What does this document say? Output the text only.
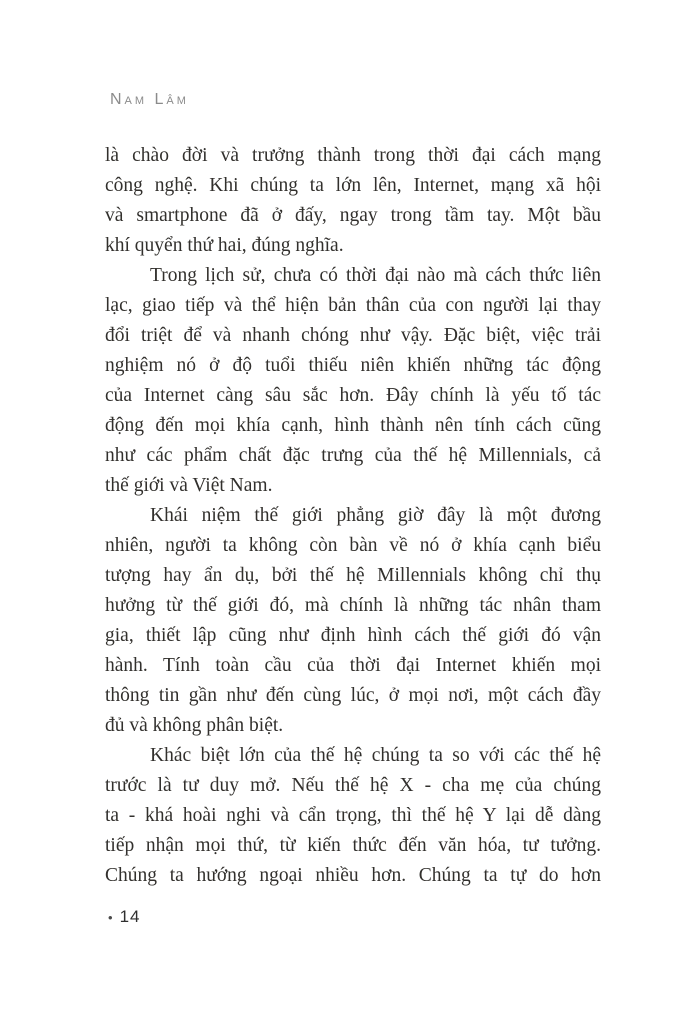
Nam Lâm
là chào đời và trưởng thành trong thời đại cách mạng
công nghệ. Khi chúng ta lớn lên, Internet, mạng xã hội
và smartphone đã ở đấy, ngay trong tầm tay. Một bầu
khí quyển thứ hai, đúng nghĩa.
Trong lịch sử, chưa có thời đại nào mà cách thức liên
lạc, giao tiếp và thể hiện bản thân của con người lại thay
đổi triệt để và nhanh chóng như vậy. Đặc biệt, việc trải
nghiệm nó ở độ tuổi thiếu niên khiến những tác động
của Internet càng sâu sắc hơn. Đây chính là yếu tố tác
động đến mọi khía cạnh, hình thành nên tính cách cũng
như các phẩm chất đặc trưng của thế hệ Millennials, cả
thế giới và Việt Nam.
Khái niệm thế giới phẳng giờ đây là một đương
nhiên, người ta không còn bàn về nó ở khía cạnh biểu
tượng hay ẩn dụ, bởi thế hệ Millennials không chỉ thụ
hưởng từ thế giới đó, mà chính là những tác nhân tham
gia, thiết lập cũng như định hình cách thế giới đó vận
hành. Tính toàn cầu của thời đại Internet khiến mọi
thông tin gần như đến cùng lúc, ở mọi nơi, một cách đầy
đủ và không phân biệt.
Khác biệt lớn của thế hệ chúng ta so với các thế hệ
trước là tư duy mở. Nếu thế hệ X - cha mẹ của chúng
ta - khá hoài nghi và cẩn trọng, thì thế hệ Y lại dễ dàng
tiếp nhận mọi thứ, từ kiến thức đến văn hóa, tư tưởng.
Chúng ta hướng ngoại nhiều hơn. Chúng ta tự do hơn
• 14
